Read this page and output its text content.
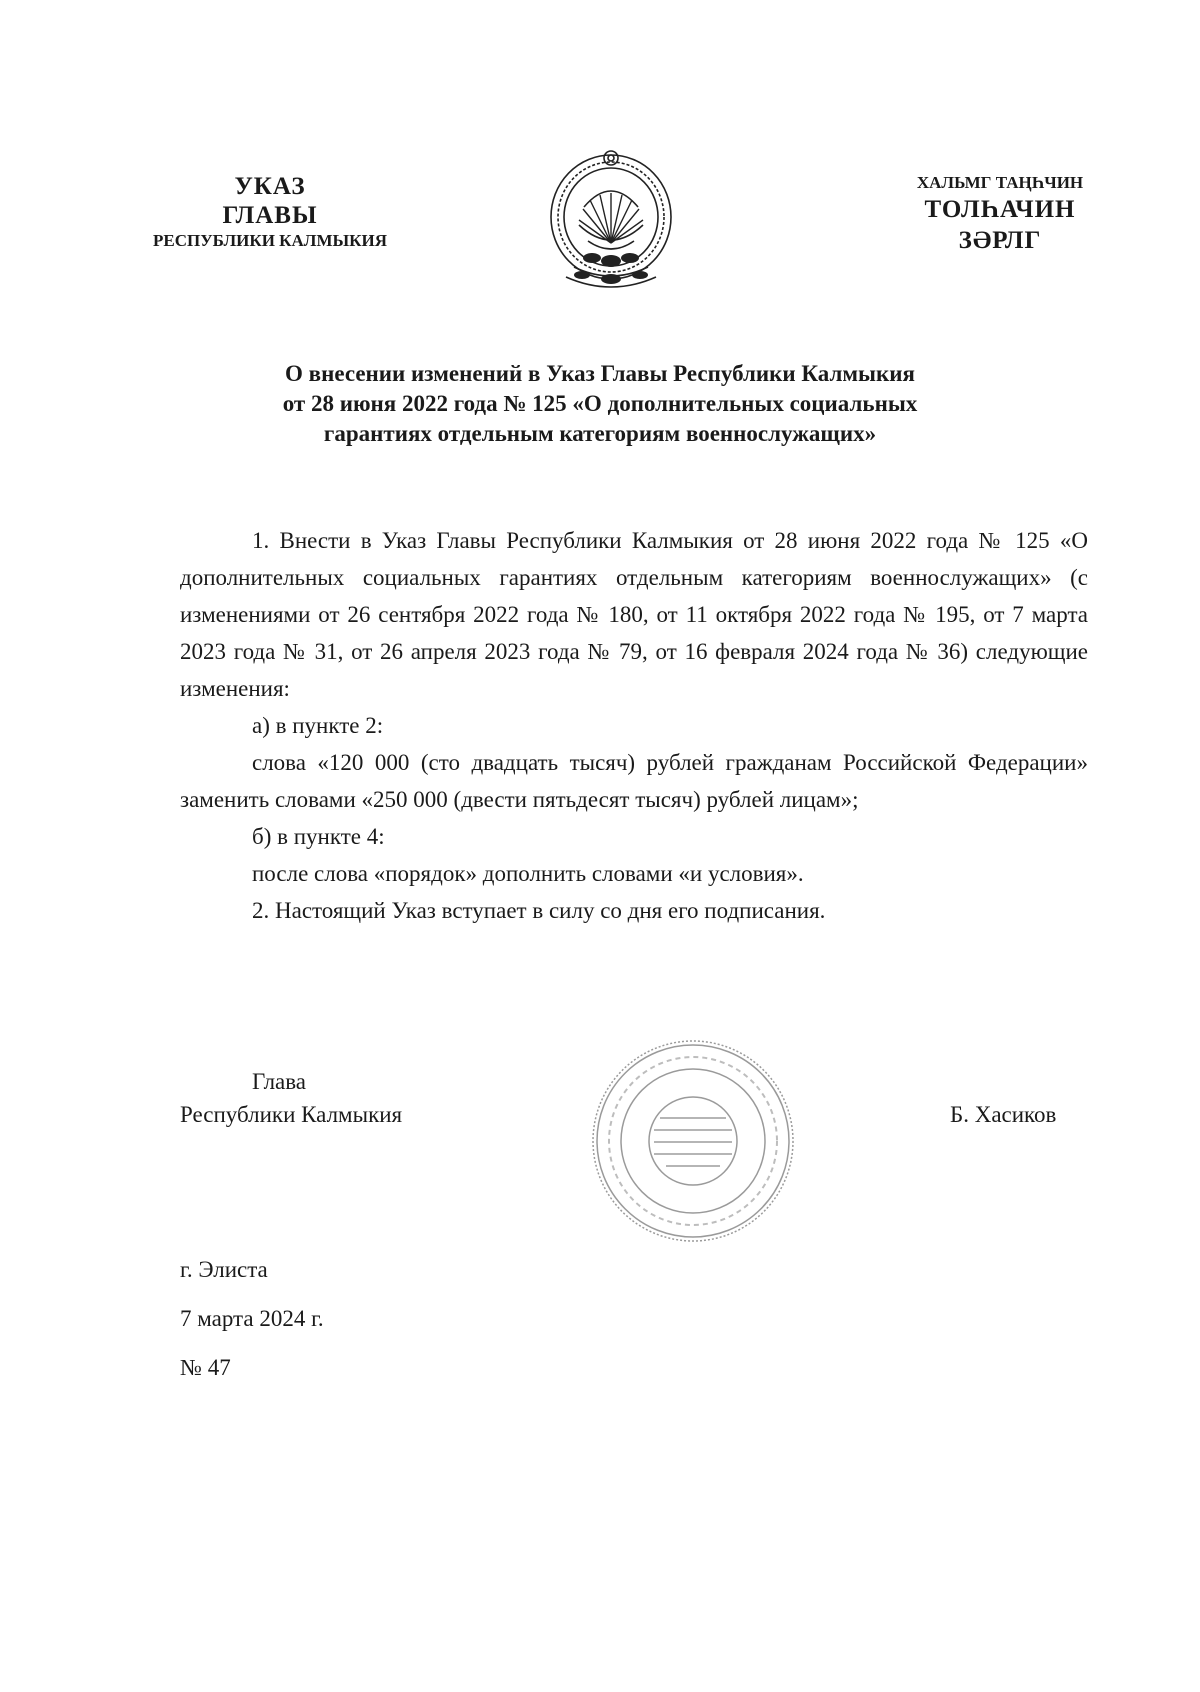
УКАЗ
ГЛАВЫ
РЕСПУБЛИКИ КАЛМЫКИЯ
ХАЛЬМГ ТАҢҺЧИН
ТОЛҺАЧИН
ЗӘРЛГ
О внесении изменений в Указ Главы Республики Калмыкия
от 28 июня 2022 года № 125 «О дополнительных социальных
гарантиях отдельным категориям военнослужащих»

1. Внести в Указ Главы Республики Калмыкия от 28 июня 2022 года № 125 «О дополнительных социальных гарантиях отдельным категориям военнослужащих» (с изменениями от 26 сентября 2022 года № 180, от 11 октября 2022 года № 195, от 7 марта 2023 года № 31, от 26 апреля 2023 года № 79, от 16 февраля 2024 года № 36) следующие изменения:

а) в пункте 2:

слова «120 000 (сто двадцать тысяч) рублей гражданам Российской Федерации» заменить словами «250 000 (двести пятьдесят тысяч) рублей лицам»;

б) в пункте 4:

после слова «порядок» дополнить словами «и условия».

2. Настоящий Указ вступает в силу со дня его подписания.

Глава
Республики Калмыкия	Б. Хасиков
г. Элиста
7 марта 2024 г.
№ 47
